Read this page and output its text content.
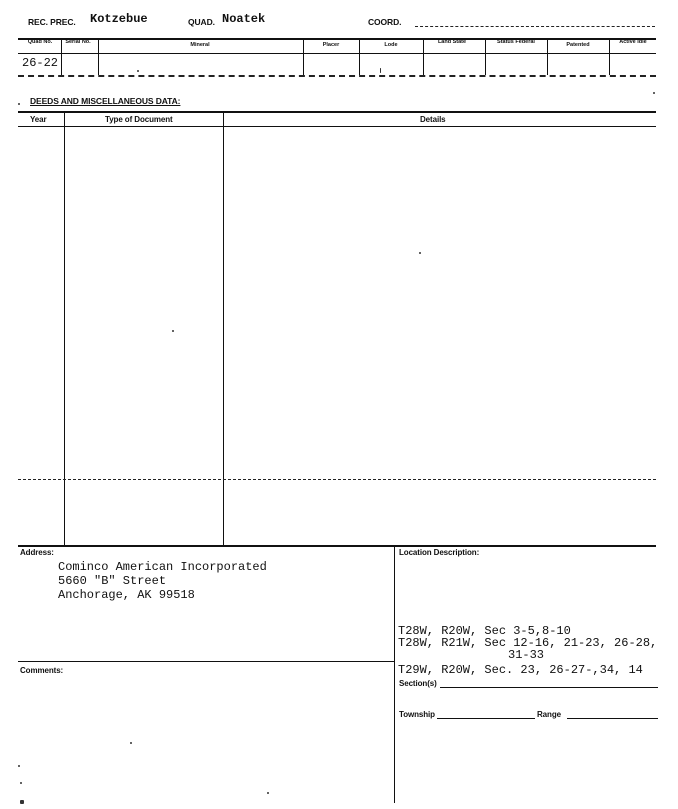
REC. PREC. Kotzebue	QUAD. Noatek	COORD.
Quad No.	Serial No.	Mineral	Placer	Lode	Land State	Status Federal	Patented	Active Idle
26-22
DEEDS AND MISCELLANEOUS DATA:
Year	Type of Document	Details
Address:
Cominco American Incorporated
5660 "B" Street
Anchorage, AK 99518
Comments:
Location Description:
T28W, R20W, Sec 3-5,8-10
T28W, R21W, Sec 12-16, 21-23, 26-28,
31-33
T29W, R20W, Sec. 23, 26-27-,34, 14
Section(s)
Township	Range
